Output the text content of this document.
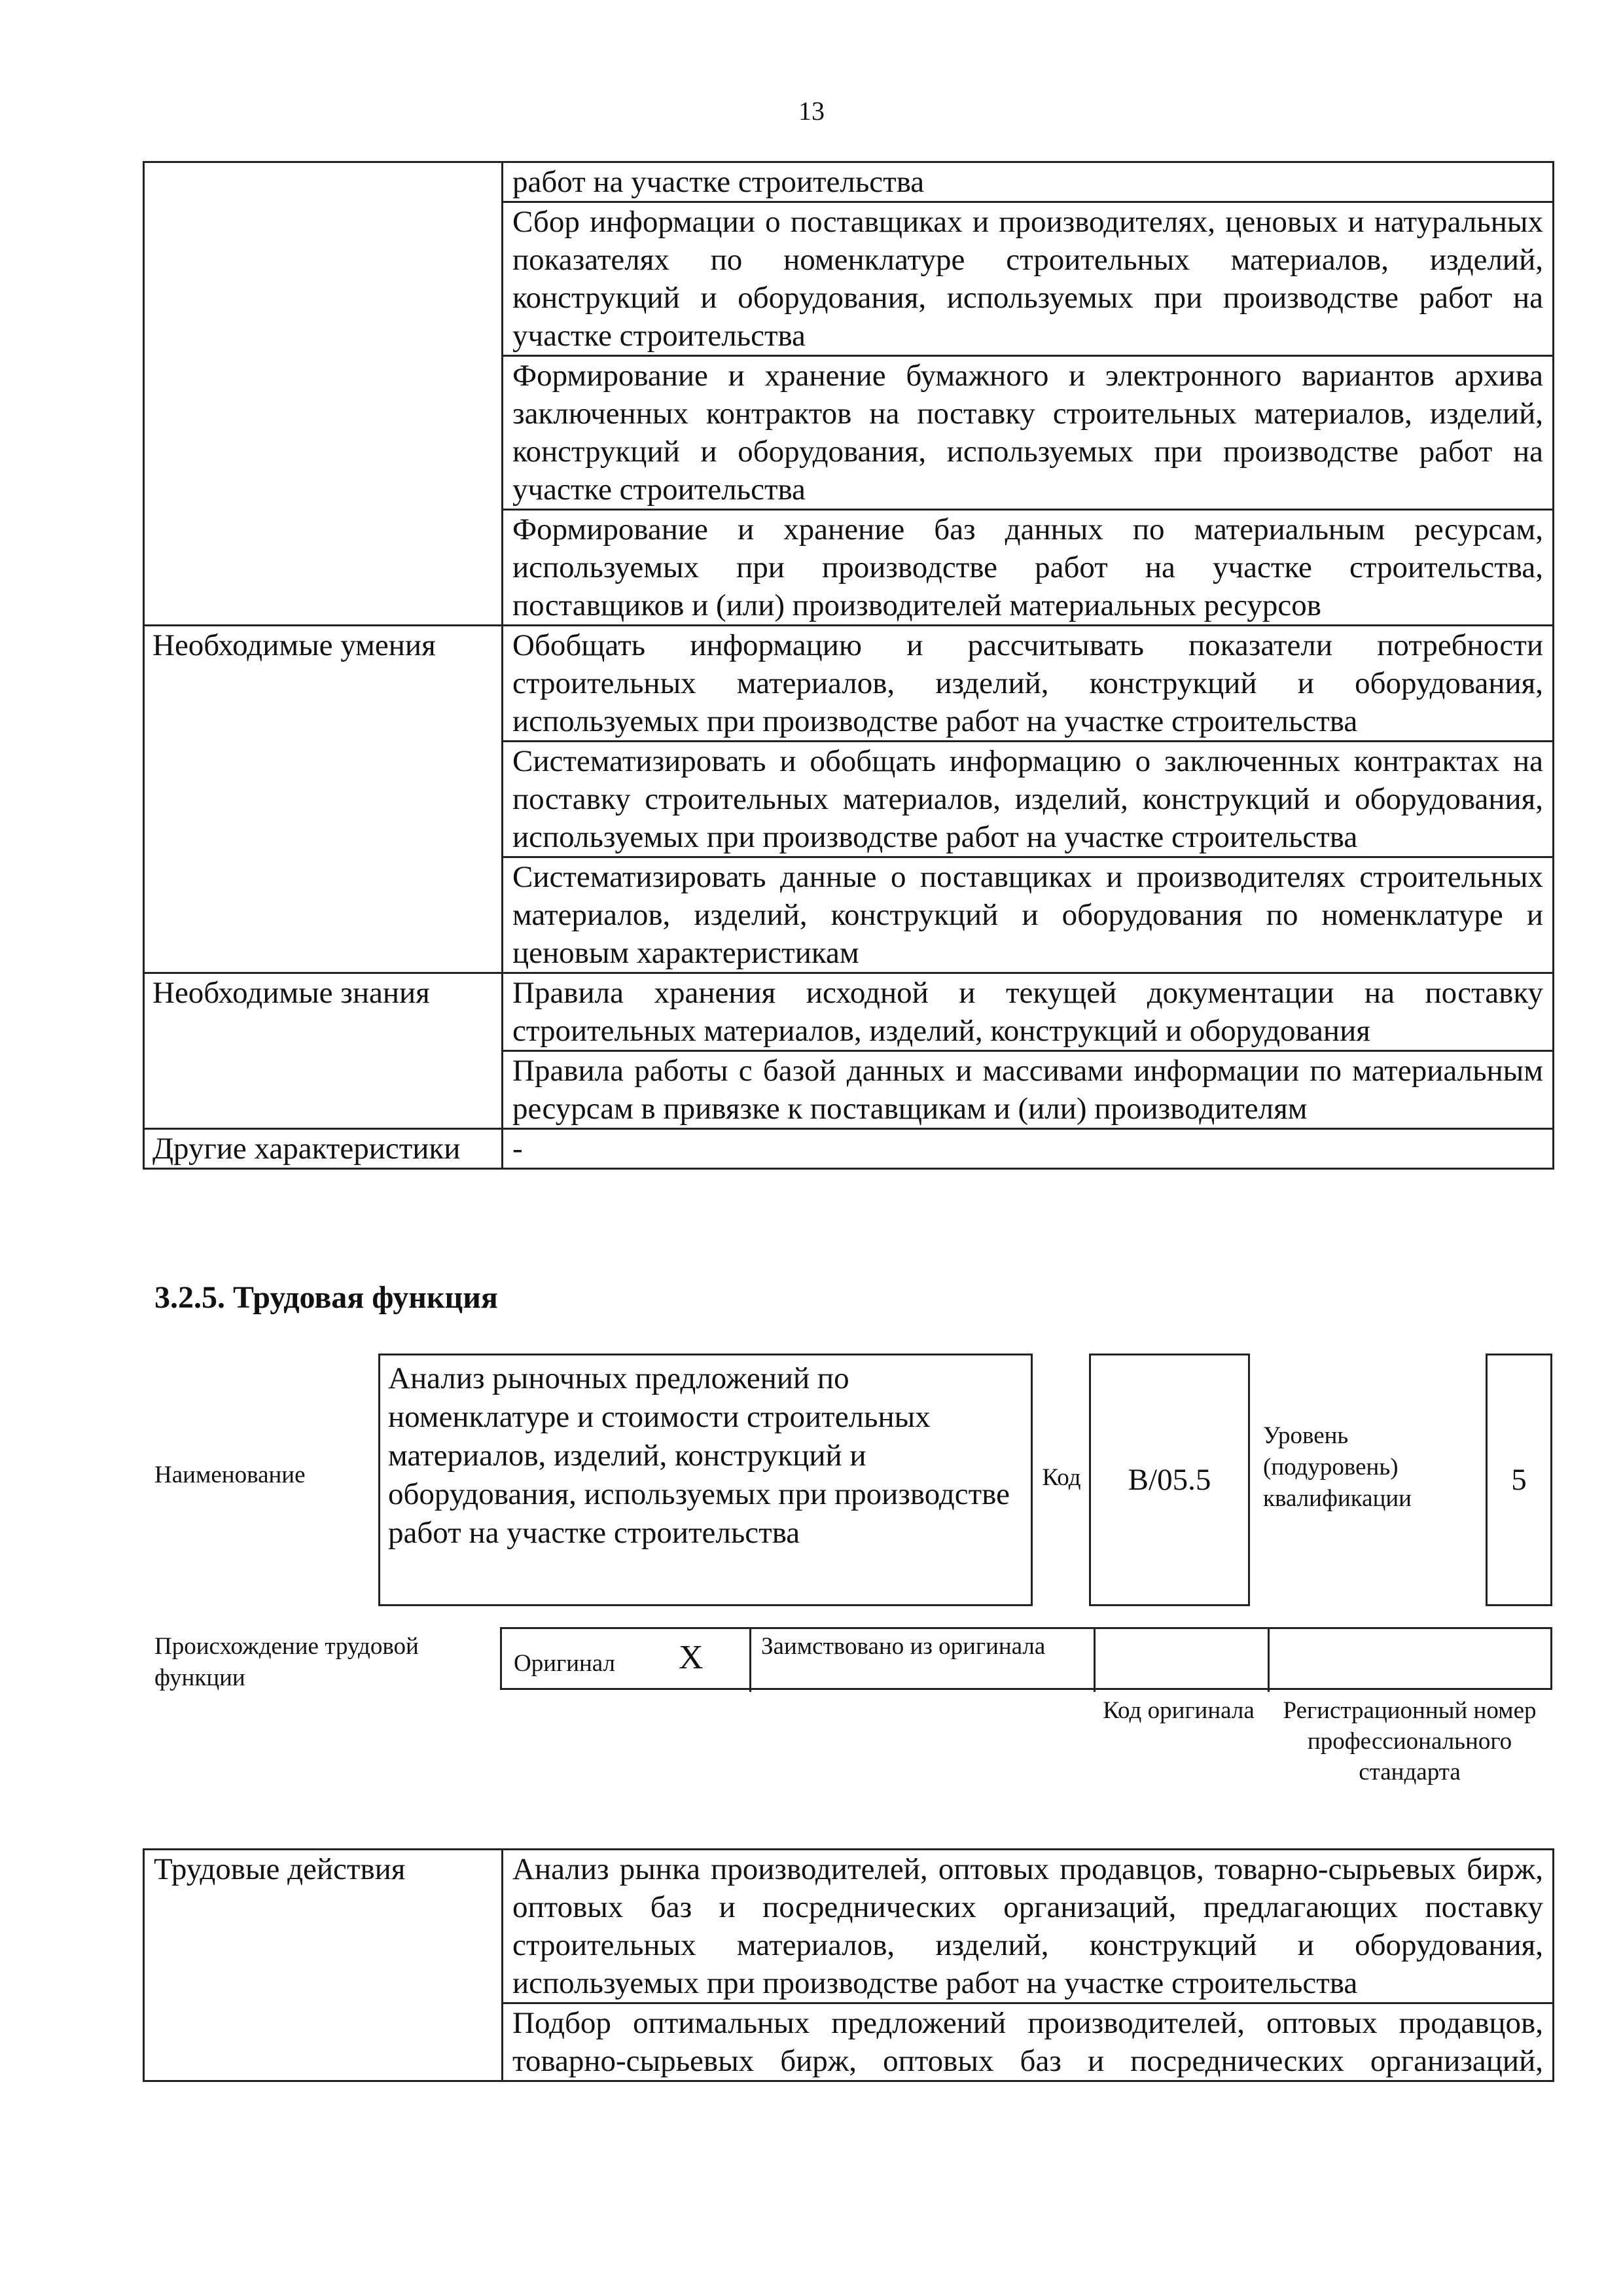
13
	работ на участке строительства
	Сбор информации о поставщиках и производителях, ценовых и натуральных показателях по номенклатуре строительных материалов, изделий, конструкций и оборудования, используемых при производстве работ на участке строительства
	Формирование и хранение бумажного и электронного вариантов архива заключенных контрактов на поставку строительных материалов, изделий, конструкций и оборудования, используемых при производстве работ на участке строительства
	Формирование и хранение баз данных по материальным ресурсам, используемых при производстве работ на участке строительства, поставщиков и (или) производителей материальных ресурсов
Необходимые умения	Обобщать информацию и рассчитывать показатели потребности строительных материалов, изделий, конструкций и оборудования, используемых при производстве работ на участке строительства
	Систематизировать и обобщать информацию о заключенных контрактах на поставку строительных материалов, изделий, конструкций и оборудования, используемых при производстве работ на участке строительства
	Систематизировать данные о поставщиках и производителях строительных материалов, изделий, конструкций и оборудования по номенклатуре и ценовым характеристикам
Необходимые знания	Правила хранения исходной и текущей документации на поставку строительных материалов, изделий, конструкций и оборудования
	Правила работы с базой данных и массивами информации по материальным ресурсам в привязке к поставщикам и (или) производителям
Другие характеристики	-
3.2.5. Трудовая функция
Наименование
Анализ рыночных предложений по номенклатуре и стоимости строительных материалов, изделий, конструкций и оборудования, используемых при производстве работ на участке строительства
Код B/05.5
Уровень (подуровень) квалификации
5
Происхождение трудовой функции
Оригинал X Заимствовано из оригинала
Код оригинала	Регистрационный номер профессионального стандарта
Трудовые действия	Анализ рынка производителей, оптовых продавцов, товарно-сырьевых бирж, оптовых баз и посреднических организаций, предлагающих поставку строительных материалов, изделий, конструкций и оборудования, используемых при производстве работ на участке строительства
Подбор оптимальных предложений производителей, оптовых продавцов, товарно-сырьевых бирж, оптовых баз и посреднических организаций,
